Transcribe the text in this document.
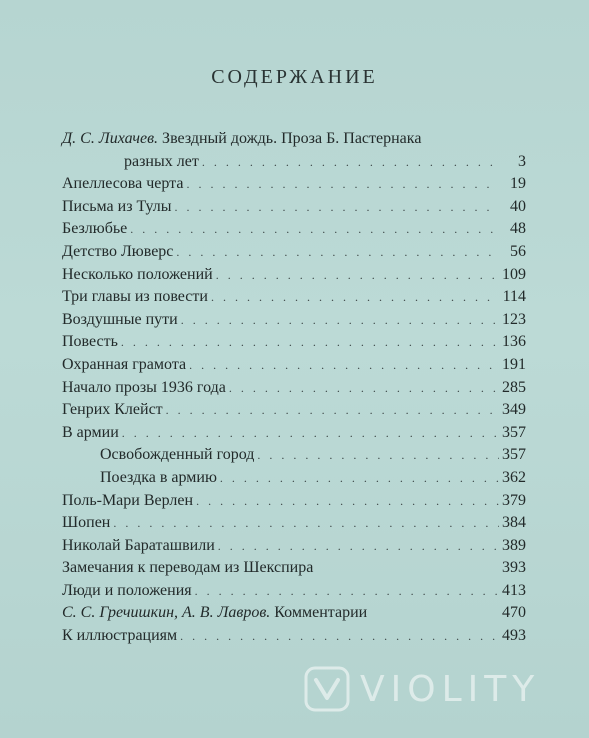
СОДЕРЖАНИЕ
Д. С. Лихачев. Звездный дождь. Проза Б. Пастернака
разных лет . . .	3
Апеллесова черта . . .	19
Письма из Тулы . . .	40
Безлюбье . . .	48
Детство Люверс . . .	56
Несколько положений . . .	109
Три главы из повести . . .	114
Воздушные пути . . .	123
Повесть . . .	136
Охранная грамота . . .	191
Начало прозы 1936 года . . .	285
Генрих Клейст . . .	349
В армии . . .	357
Освобожденный город . . .	357
Поездка в армию . . .	362
Поль-Мари Верлен . . .	379
Шопен . . .	384
Николай Бараташвили . . .	389
Замечания к переводам из Шекспира	393
Люди и положения . . .	413
С. С. Гречишкин, А. В. Лавров. Комментарии	470
К иллюстрациям . . .	493
VIOLITY
